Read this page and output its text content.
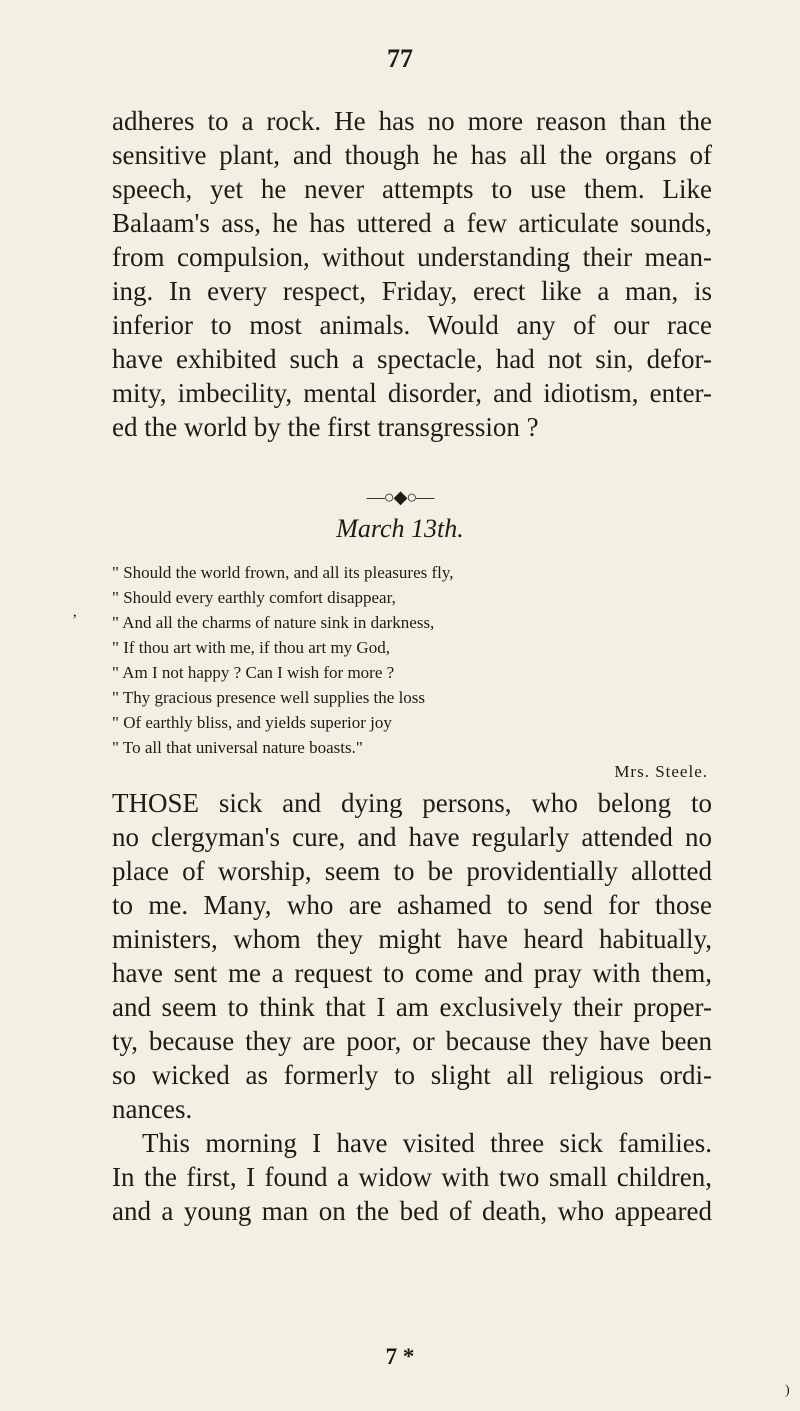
77
adheres to a rock. He has no more reason than the
sensitive plant, and though he has all the organs of
speech, yet he never attempts to use them. Like
Balaam's ass, he has uttered a few articulate sounds,
from compulsion, without understanding their mean-
ing. In every respect, Friday, erect like a man, is
inferior to most animals. Would any of our race
have exhibited such a spectacle, had not sin, defor-
mity, imbecility, mental disorder, and idiotism, enter-
ed the world by the first transgression ?
—○◆○—
March 13th.
’
" Should the world frown, and all its pleasures fly,
" Should every earthly comfort disappear,
" And all the charms of nature sink in darkness,
" If thou art with me, if thou art my God,
" Am I not happy ? Can I wish for more ?
" Thy gracious presence well supplies the loss
" Of earthly bliss, and yields superior joy
" To all that universal nature boasts."
Mrs. Steele.
THOSE sick and dying persons, who belong to
no clergyman's cure, and have regularly attended no
place of worship, seem to be providentially allotted
to me. Many, who are ashamed to send for those
ministers, whom they might have heard habitually,
have sent me a request to come and pray with them,
and seem to think that I am exclusively their proper-
ty, because they are poor, or because they have been
so wicked as formerly to slight all religious ordi-
nances.
This morning I have visited three sick families.
In the first, I found a widow with two small children,
and a young man on the bed of death, who appeared
7 *
)
